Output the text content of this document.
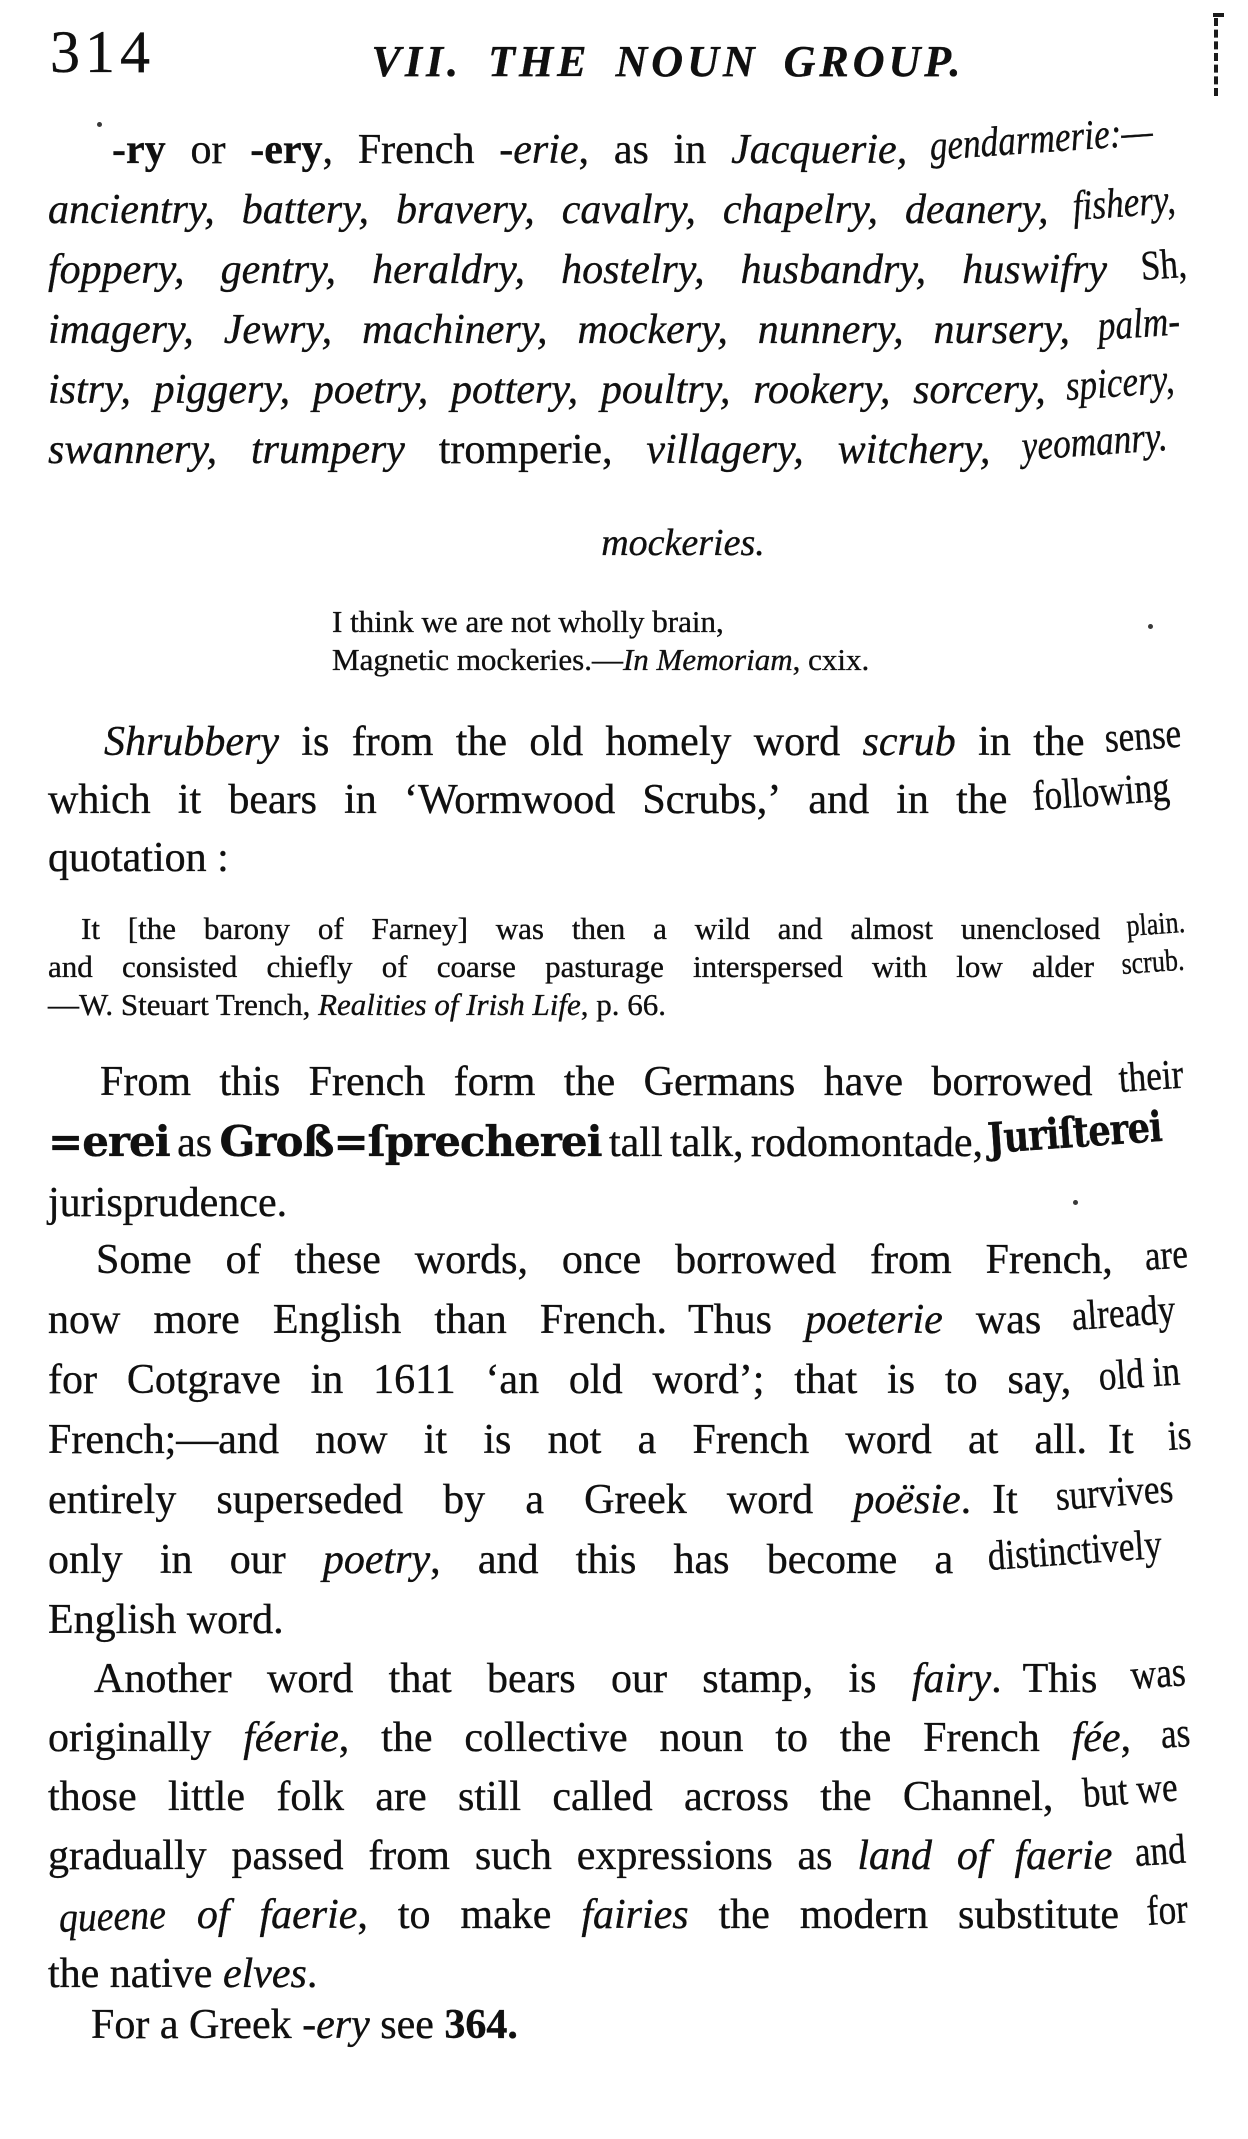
314	VII. THE NOUN GROUP.
-ry or -ery, French -erie, as in Jacquerie, gendarmerie:—
ancientry, battery, bravery, cavalry, chapelry, deanery, fishery,
foppery, gentry, heraldry, hostelry, husbandry, huswifry Sh,
imagery, Jewry, machinery, mockery, nunnery, nursery, palm-
istry, piggery, poetry, pottery, poultry, rookery, sorcery, spicery,
swannery, trumpery tromperie, villagery, witchery, yeomanry.
mockeries.
I think we are not wholly brain,
Magnetic mockeries.—In Memoriam, cxix.
Shrubbery is from the old homely word scrub in the sense
which it bears in ‘Wormwood Scrubs,’ and in the following
quotation :
It [the barony of Farney] was then a wild and almost unenclosed plain.
and consisted chiefly of coarse pasturage interspersed with low alder scrub.
—W. Steuart Trench, Realities of Irish Life, p. 66.
From this French form the Germans have borrowed their
=erei as Groß=ſprecherei tall talk, rodomontade, Juriſterei
jurisprudence.
Some of these words, once borrowed from French, are
now more English than French. Thus poeterie was already
for Cotgrave in 1611 ‘an old word’; that is to say, old in
French;—and now it is not a French word at all. It is
entirely superseded by a Greek word poësie. It survives
only in our poetry, and this has become a distinctively
English word.
Another word that bears our stamp, is fairy. This was
originally féerie, the collective noun to the French fée, as
those little folk are still called across the Channel, but we
gradually passed from such expressions as land of faerie and
queene of faerie, to make fairies the modern substitute for
the native elves.
For a Greek -ery see 364.
